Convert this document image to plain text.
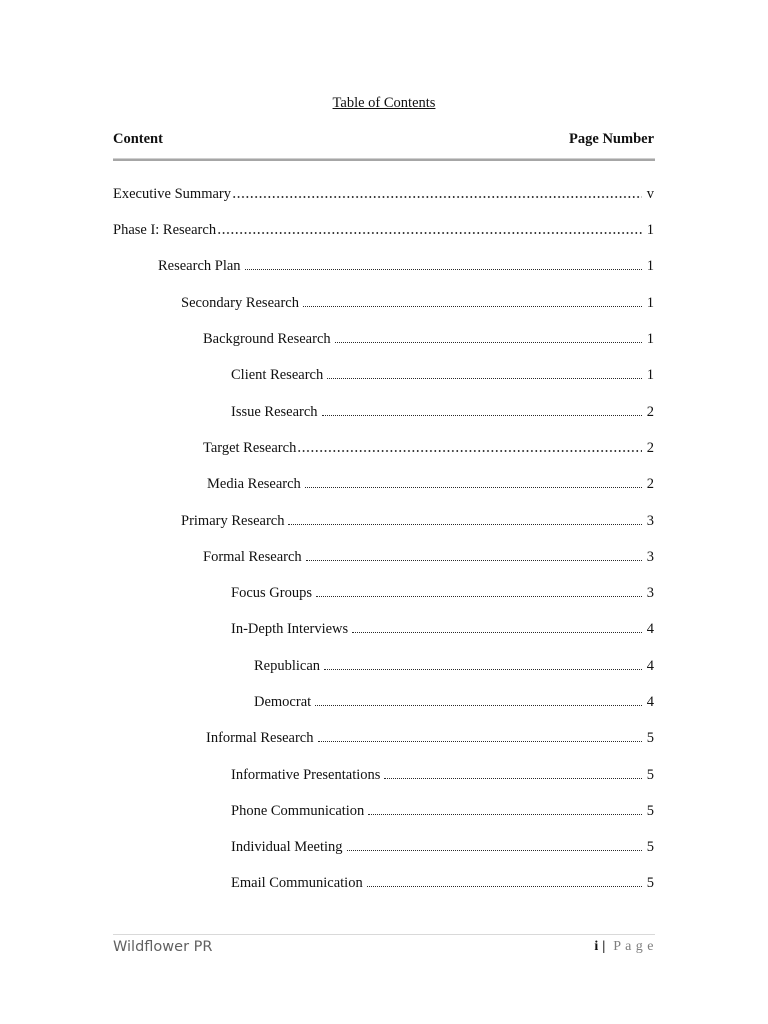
Table of Contents
Content	Page Number
Executive Summary	v
Phase I: Research	1
Research Plan	1
Secondary Research	1
Background Research	1
Client Research	1
Issue Research	2
Target Research	2
Media Research	2
Primary Research	3
Formal Research	3
Focus Groups	3
In-Depth Interviews	4
Republican	4
Democrat	4
Informal Research	5
Informative Presentations	5
Phone Communication	5
Individual Meeting	5
Email Communication	5
Wildflower PR	i | P a g e
